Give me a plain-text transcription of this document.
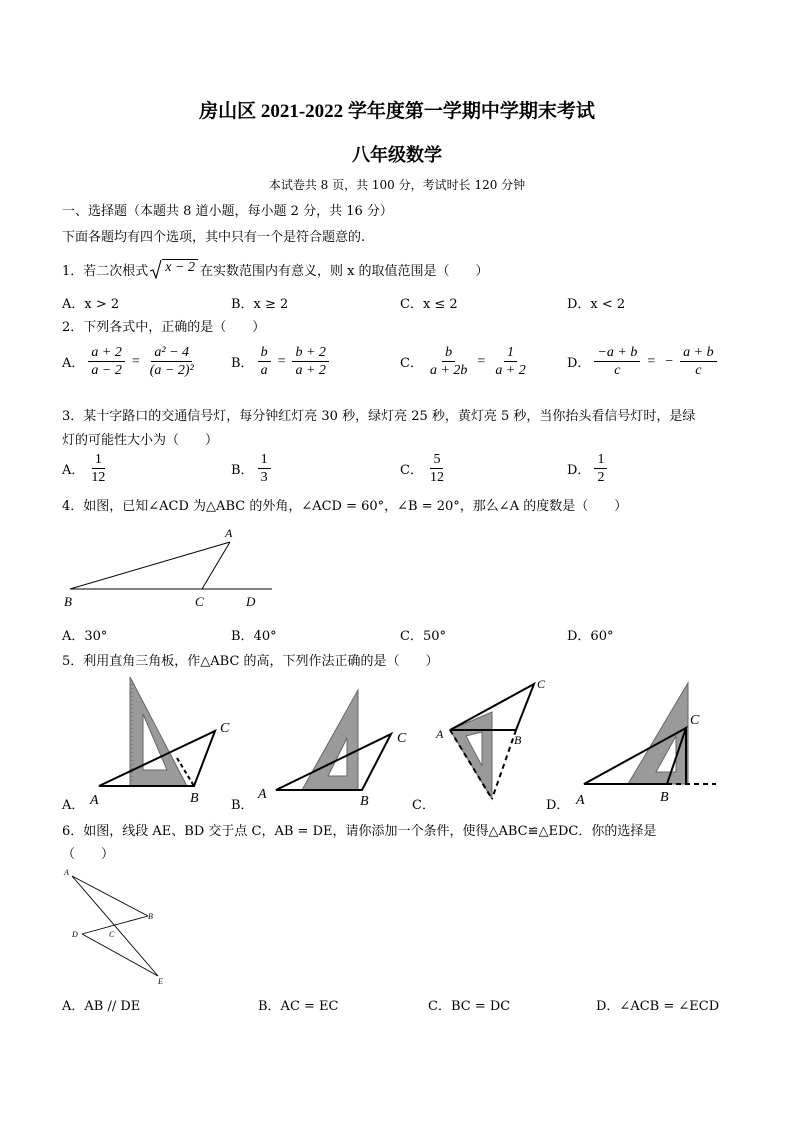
房山区 2021-2022 学年度第一学期中学期末考试
八年级数学
本试卷共 8 页，共 100 分，考试时长 120 分钟
一、选择题（本题共 8 道小题，每小题 2 分，共 16 分）
下面各题均有四个选项，其中只有一个是符合题意的.
1．若二次根式 x − 2 在实数范围内有意义，则 x 的取值范围是（　　）
A．x > 2	B．x ≥ 2	C．x ≤ 2	D．x < 2
2．下列各式中，正确的是（　　）
A． $\frac{a + 2}{a - 2} = \frac{\text{a² − 4}}{\text{(a − 2)²}}$	B． $\frac{b}{a} = \frac{b + 2}{a + 2}$	C． $\frac{b}{a + 2b} = \frac{1}{a + 2}$	D． $\frac{-a + b}{c}$ = − $\frac{a + b}{c}$
3．某十字路口的交通信号灯，每分钟红灯亮 30 秒，绿灯亮 25 秒，黄灯亮 5 秒，当你抬头看信号灯时，是绿
灯的可能性大小为（　　）
A． $\frac{1}{12}$	B． $\frac{1}{3}$	C． $\frac{5}{12}$	D． $\frac{1}{2}$
4．如图，已知∠ACD 为△ABC 的外角，∠ACD = 60°，∠B = 20°，那么∠A 的度数是（　　）
A
B	C	D
A．30°	B．40°	C．50°	D．60°
5．利用直角三角板，作△ABC 的高，下列作法正确的是（　　）
A	B
C
A．
A	B
C
B．
A	B
C
C．	A	B
C
D．
6．如图，线段 AE、BD 交于点 C，AB = DE，请你添加一个条件，使得△ABC≌△EDC．你的选择是
（　　）
A
B
C
D
E
A．AB // DE	B．AC = EC	C．BC = DC	D．∠ACB = ∠ECD
